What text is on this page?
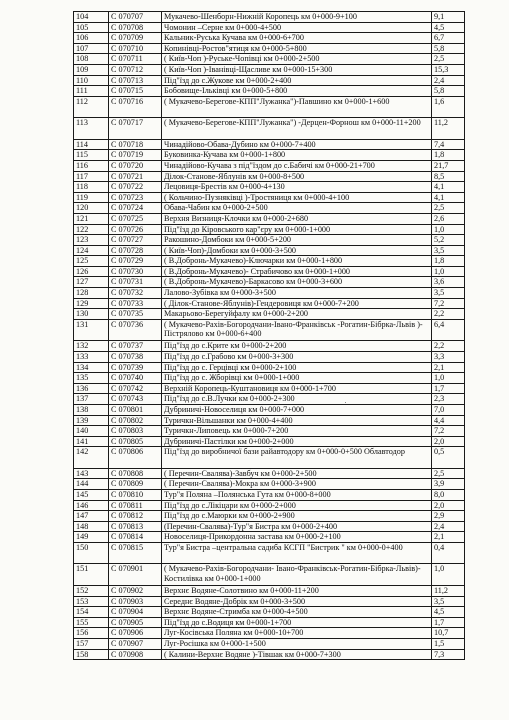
104	С 070707	Мукачево-Шенборн-Нижній Коропець км 0+000-9+100	9,1
105	С 070708	Чомонин –Серне км 0+000-4+500	4,5
106	С 070709	Кальник-Руська Кучава км 0+000-6+700	6,7
107	С 070710	Копинівці-Ростов"ятиця км 0+000-5+800	5,8
108	С 070711	( Київ-Чоп )-Руське-Чопівці км 0+000-2+500	2,5
109	С 070712	( Київ-Чоп )-Іванівці-Щасливе км 0+000-15+300	15,3
110	С 070713	Під"їзд до с.Жукове км 0+000-2+400	2,4
111	С 070715	Бобовище-Ільківці км 0+000-5+800	5,8
112	С 070716	( Мукачево-Берегове-КПП"Лужанка")-Павшино км 0+000-1+600	1,6
113	С 070717	( Мукачево-Берегове-КПП"Лужанка") -Дерцен-Форнош км 0+000-11+200	11,2
114	С 070718	Чинадійово-Обава-Дубино км 0+000-7+400	7,4
115	С 070719	Буковинка-Кучава км 0+000-1+800	1,8
116	С 070720	Чинадійово-Кучава з під"їздом до с.Бабичі км 0+000-21+700	21,7
117	С 070721	Ділок-Станове-Яблунів км 0+000-8+500	8,5
118	С 070722	Лецовиця-Брестів км 0+000-4+130	4,1
119	С 070723	( Кольчино-Пузняківці )-Тростяниця км 0+000-4+100	4,1
120	С 070724	Обава-Чабин км 0+000-2+500	2,5
121	С 070725	Верхня Визниця-Клочки км 0+000-2+680	2,6
122	С 070726	Під"їзд до Кіровського кар"єру км 0+000-1+000	1,0
123	С 070727	Ракошино-Домбоки км 0+000-5+200	5,2
124	С 070728	( Київ-Чоп)-Домбоки км 0+000-3+500	3,5
125	С 070729	( В.Добронь-Мукачево)-Ключарки км 0+000-1+800	1,8
126	С 070730	( В.Добронь-Мукачево)- Страбичово км 0+000-1+000	1,0
127	С 070731	( В.Добронь-Мукачево)-Баркасово км 0+000-3+600	3,6
128	С 070732	Лалово-Зубівка км 0+000-3+500	3,5
129	С 070733	( Ділок-Станове-Яблунів)-Гендеровиця км 0+000-7+200	7,2
130	С 070735	Макарьово-Берегуйфалу км 0+000-2+200	2,2
131	С 070736	( Мукачево-Рахів-Богородчани-Івано-Франківськ -Рогатин-Бібрка-Львів )-Пістрялово км 0+000-6+400	6,4
132	С 070737	Під"їзд до с.Крите км 0+000-2+200	2,2
133	С 070738	Під"їзд до с.Грабово км 0+000-3+300	3,3
134	С 070739	Під"їзд до с. Герцівці км 0+000-2+100	2,1
135	С 070740	Під"їзд до с. Жборівці км 0+000-1+000	1,0
136	С 070742	Верхній Коропець-Куштановиця км 0+000-1+700	1,7
137	С 070743	Під"їзд до с.В.Лучки км 0+000-2+300	2,3
138	С 070801	Дубриничі-Новоселиця км 0+000-7+000	7,0
139	С 070802	Туричкн-Вільшанки км 0+000-4+400	4,4
140	С 070803	Туричкн-Липовець км 0+000-7+200	7,2
141	С 070805	Дубриничі-Пастілки км 0+000-2+000	2,0
142	С 070806	Під"їзд до виробничої бази райавтодору км 0+000-0+500 Облавтодор	0,5
143	С 070808	( Перечин-Свалява)-Завбуч км 0+000-2+500	2,5
144	С 070809	( Перечин-Свалява)-Мокра км 0+000-3+900	3,9
145	С 070810	Тур"я Поляна –Полянська Гута км 0+000-8+000	8,0
146	С 070811	Під"їзд до с.Лікіцари км 0+000-2+000	2,0
147	С 070812	Під"їзд до с.Маюрки км 0+000-2+900	2,9
148	С 070813	(Перечин-Свалява)-Тур"я Бистра км 0+000-2+400	2,4
149	С 070814	Новоселиця-Прикордонна застава км 0+000-2+100	2,1
150	С 070815	Тур"я Бистра –центральна садиба КСГП "Бистрик " км 0+000-0+400	0,4
151	С 070901	( Мукачево-Рахів-Богородчани- Івано-Франківськ-Рогатин-Бібрка-Львів)-Костилівка км 0+000-1+000	1,0
152	С 070902	Верхнє Водяне-Солотвино км 0+000-11+200	11,2
153	С 070903	Середнє Водяне-Добрік км 0+000-3+500	3,5
154	С 070904	Верхнє Водяне-Стримба км 0+000-4+500	4,5
155	С 070905	Під"їзд до с.Водиця км 0+000-1+700	1,7
156	С 070906	Луг-Косівська Поляна км 0+000-10+700	10,7
157	С 070907	Луг-Росішка км 0+000-1+500	1,5
158	С 070908	( Калини-Верхнє Водяне )-Тівшак км 0+000-7+300	7,3
